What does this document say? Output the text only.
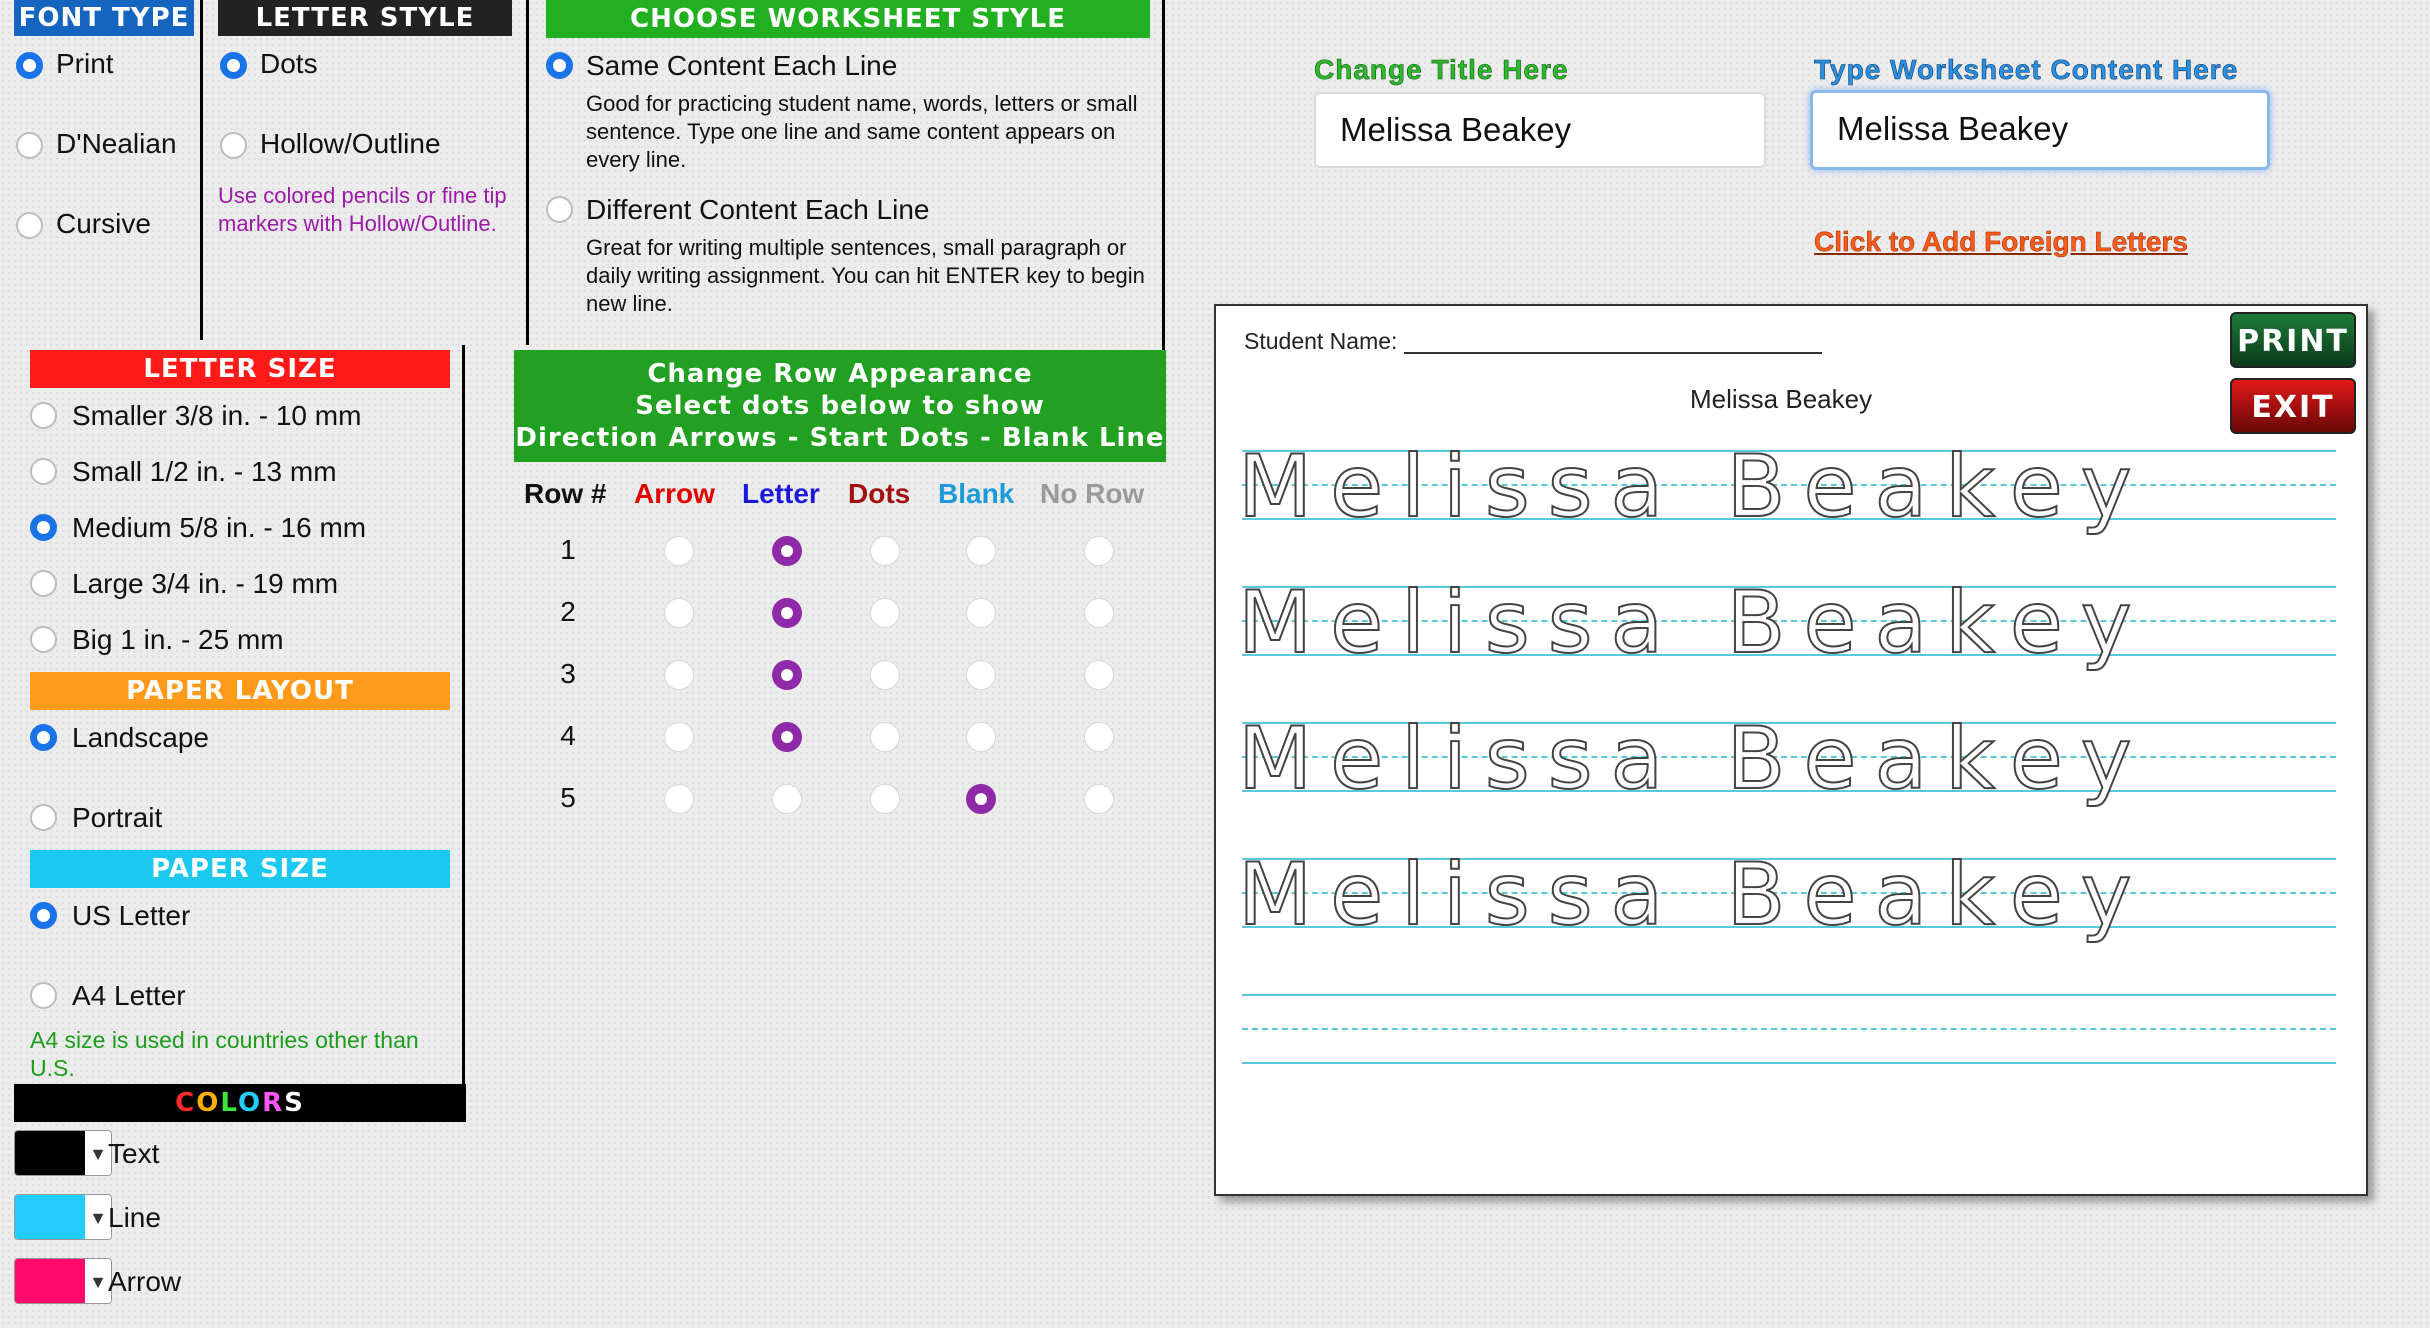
FONT TYPE
Print
D'Nealian
Cursive
LETTER STYLE
Dots
Hollow/Outline
Use colored pencils or fine tip markers with Hollow/Outline.
CHOOSE WORKSHEET STYLE
Same Content Each Line
Good for practicing student name, words, letters or small sentence. Type one line and same content appears on every line.
Different Content Each Line
Great for writing multiple sentences, small paragraph or daily writing assignment. You can hit ENTER key to begin new line.
LETTER SIZE
Smaller 3/8 in. - 10 mm
Small 1/2 in. - 13 mm
Medium 5/8 in. - 16 mm
Large 3/4 in. - 19 mm
Big 1 in. - 25 mm
PAPER LAYOUT
Landscape
Portrait
PAPER SIZE
US Letter
A4 Letter
A4 size is used in countries other than U.S.
COLORS
▼ Text
▼ Line
▼ Arrow
Change Row Appearance
Select dots below to show
Direction Arrows - Start Dots - Blank Line
Row # Arrow Letter Dots Blank No Row
1
2
3
4
5
Change Title Here
Melissa Beakey
Type Worksheet Content Here
Melissa Beakey
Click to Add Foreign Letters
Student Name:
Melissa Beakey
PRINT
EXIT
Melissa Beakey
Melissa Beakey
Melissa Beakey
Melissa Beakey
